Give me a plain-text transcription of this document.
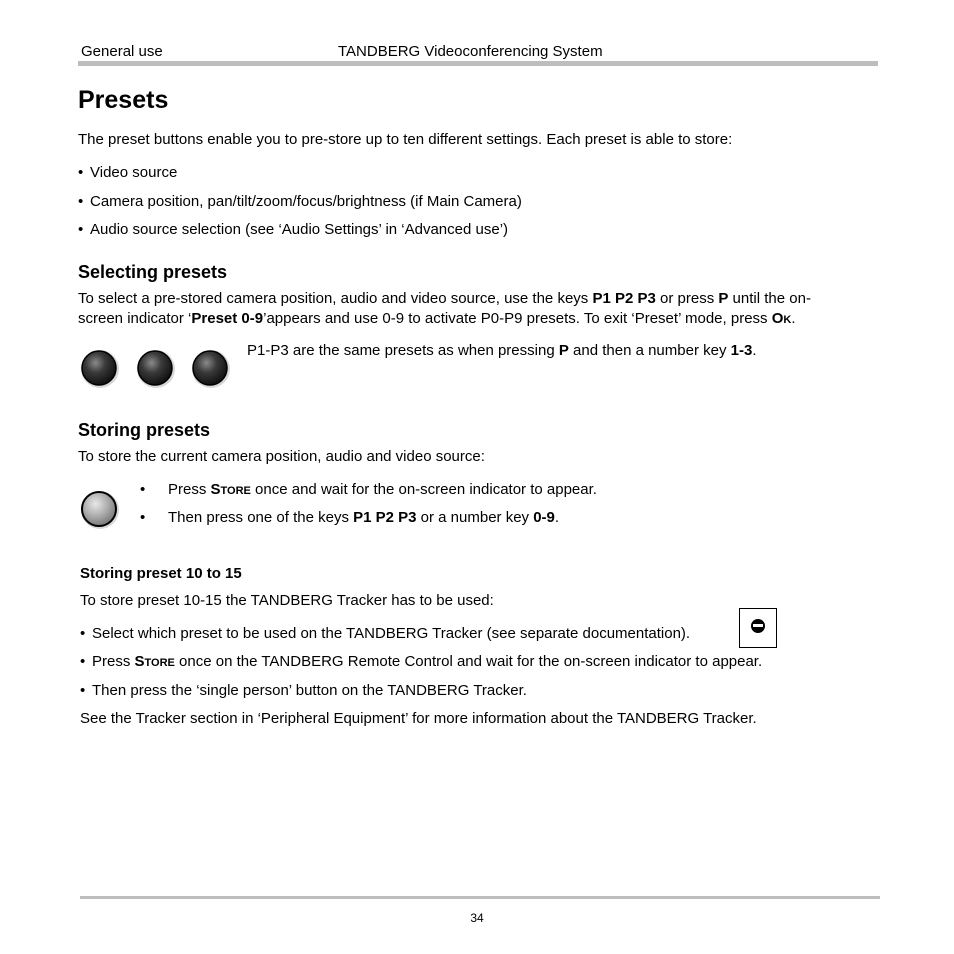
General use	TANDBERG Videoconferencing System
Presets
The preset buttons enable you to pre-store up to ten different settings. Each preset is able to store:
• Video source
• Camera position, pan/tilt/zoom/focus/brightness (if Main Camera)
• Audio source selection (see ‘Audio Settings’ in ‘Advanced use’)
Selecting presets
To select a pre-stored camera position, audio and video source, use the keys P1 P2 P3 or press P until the on-
screen indicator ‘Preset 0-9’appears and use 0-9 to activate P0-P9 presets. To exit ‘Preset’ mode, press Ok.
P1-P3 are the same presets as when pressing P and then a number key 1-3.
Storing presets
To store the current camera position, audio and video source:
• Press Store once and wait for the on-screen indicator to appear.
• Then press one of the keys P1 P2 P3 or a number key 0-9.
Storing preset 10 to 15
To store preset 10-15 the TANDBERG Tracker has to be used:
• Select which preset to be used on the TANDBERG Tracker (see separate documentation).
• Press Store once on the TANDBERG Remote Control and wait for the on-screen indicator to appear.
• Then press the ‘single person’ button on the TANDBERG Tracker.
See the Tracker section in ‘Peripheral Equipment’ for more information about the TANDBERG Tracker.
34
